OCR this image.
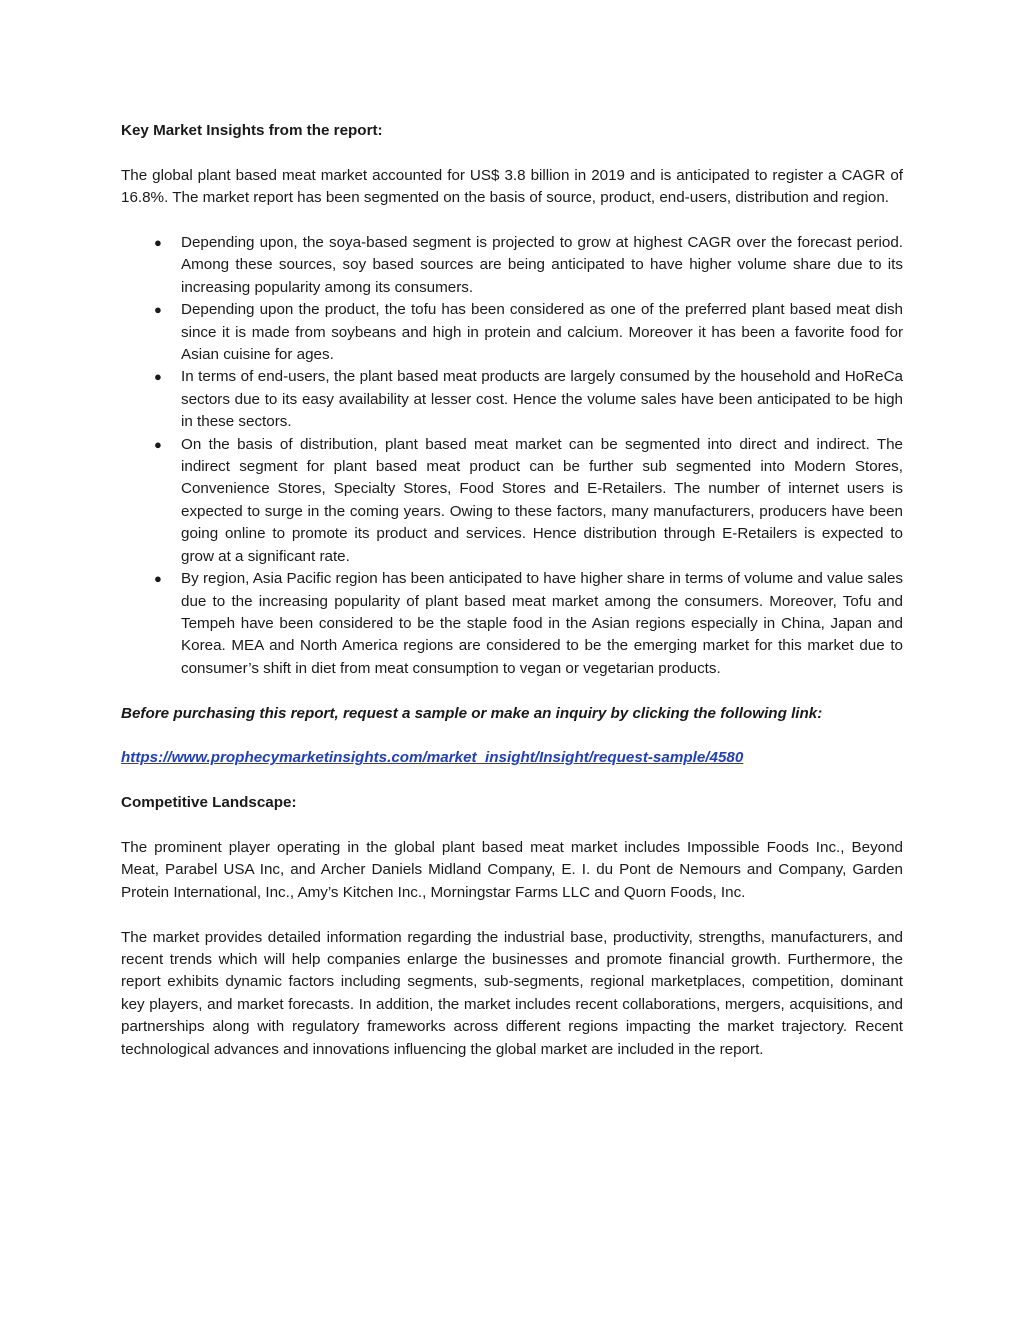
Key Market Insights from the report:

The global plant based meat market accounted for US$ 3.8 billion in 2019 and is anticipated to register a CAGR of 16.8%. The market report has been segmented on the basis of source, product, end-users, distribution and region.

● Depending upon, the soya-based segment is projected to grow at highest CAGR over the forecast period. Among these sources, soy based sources are being anticipated to have higher volume share due to its increasing popularity among its consumers.
● Depending upon the product, the tofu has been considered as one of the preferred plant based meat dish since it is made from soybeans and high in protein and calcium. Moreover it has been a favorite food for Asian cuisine for ages.
● In terms of end-users, the plant based meat products are largely consumed by the household and HoReCa sectors due to its easy availability at lesser cost. Hence the volume sales have been anticipated to be high in these sectors.
● On the basis of distribution, plant based meat market can be segmented into direct and indirect. The indirect segment for plant based meat product can be further sub segmented into Modern Stores, Convenience Stores, Specialty Stores, Food Stores and E-Retailers. The number of internet users is expected to surge in the coming years. Owing to these factors, many manufacturers, producers have been going online to promote its product and services. Hence distribution through E-Retailers is expected to grow at a significant rate.
● By region, Asia Pacific region has been anticipated to have higher share in terms of volume and value sales due to the increasing popularity of plant based meat market among the consumers. Moreover, Tofu and Tempeh have been considered to be the staple food in the Asian regions especially in China, Japan and Korea. MEA and North America regions are considered to be the emerging market for this market due to consumer’s shift in diet from meat consumption to vegan or vegetarian products.

Before purchasing this report, request a sample or make an inquiry by clicking the following link:

https://www.prophecymarketinsights.com/market_insight/Insight/request-sample/4580

Competitive Landscape:

The prominent player operating in the global plant based meat market includes Impossible Foods Inc., Beyond Meat, Parabel USA Inc, and Archer Daniels Midland Company, E. I. du Pont de Nemours and Company, Garden Protein International, Inc., Amy’s Kitchen Inc., Morningstar Farms LLC and Quorn Foods, Inc.

The market provides detailed information regarding the industrial base, productivity, strengths, manufacturers, and recent trends which will help companies enlarge the businesses and promote financial growth. Furthermore, the report exhibits dynamic factors including segments, sub-segments, regional marketplaces, competition, dominant key players, and market forecasts. In addition, the market includes recent collaborations, mergers, acquisitions, and partnerships along with regulatory frameworks across different regions impacting the market trajectory. Recent technological advances and innovations influencing the global market are included in the report.
